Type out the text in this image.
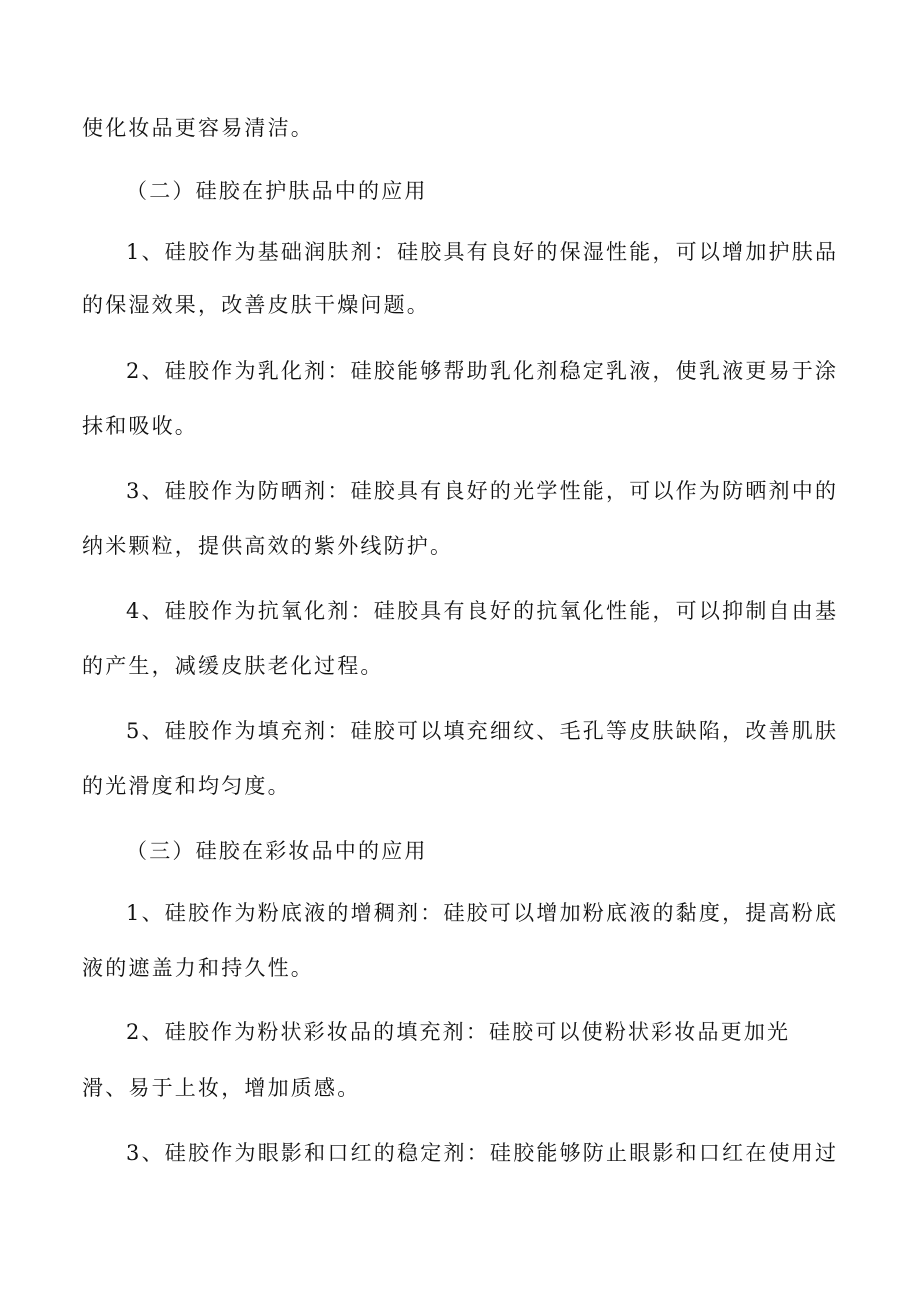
使化妆品更容易清洁。
（二）硅胶在护肤品中的应用
1、硅胶作为基础润肤剂：硅胶具有良好的保湿性能，可以增加护肤品
的保湿效果，改善皮肤干燥问题。
2、硅胶作为乳化剂：硅胶能够帮助乳化剂稳定乳液，使乳液更易于涂
抹和吸收。
3、硅胶作为防晒剂：硅胶具有良好的光学性能，可以作为防晒剂中的
纳米颗粒，提供高效的紫外线防护。
4、硅胶作为抗氧化剂：硅胶具有良好的抗氧化性能，可以抑制自由基
的产生，减缓皮肤老化过程。
5、硅胶作为填充剂：硅胶可以填充细纹、毛孔等皮肤缺陷，改善肌肤
的光滑度和均匀度。
（三）硅胶在彩妆品中的应用
1、硅胶作为粉底液的增稠剂：硅胶可以增加粉底液的黏度，提高粉底
液的遮盖力和持久性。
2、硅胶作为粉状彩妆品的填充剂：硅胶可以使粉状彩妆品更加光
滑、易于上妆，增加质感。
3、硅胶作为眼影和口红的稳定剂：硅胶能够防止眼影和口红在使用过
